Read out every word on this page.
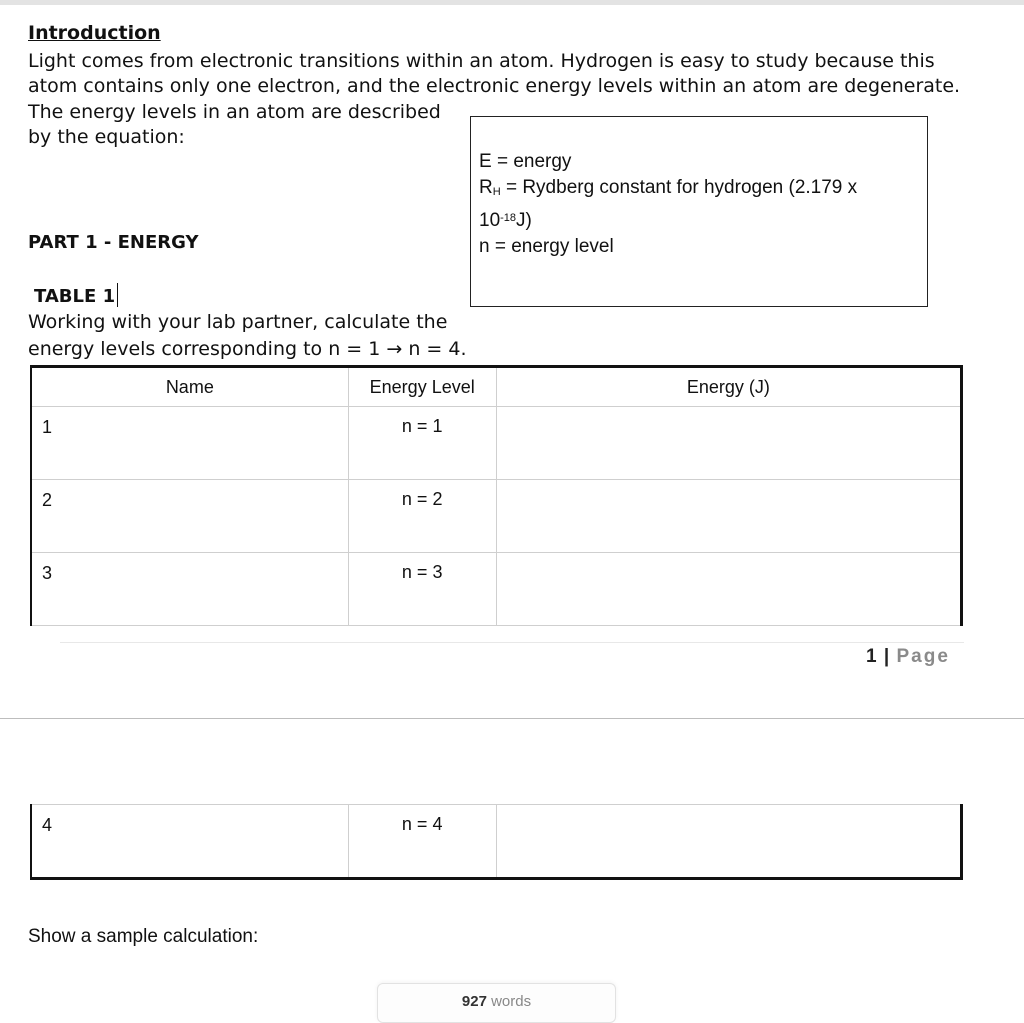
Introduction
Light comes from electronic transitions within an atom. Hydrogen is easy to study because this
atom contains only one electron, and the electronic energy levels within an atom are degenerate.
The energy levels in an atom are described
by the equation:
E = energy
$R_H$ = Rydberg constant for hydrogen (2.179 x
$10^{-18}J$)
n = energy level
PART 1 - ENERGY
TABLE 1
Working with your lab partner, calculate the
energy levels corresponding to n = 1 → n = 4.
Name	Energy Level	Energy (J)
1	n = 1	
2	n = 2	
3	n = 3	
1 | Page
4	n = 4	
Show a sample calculation:
927 words
